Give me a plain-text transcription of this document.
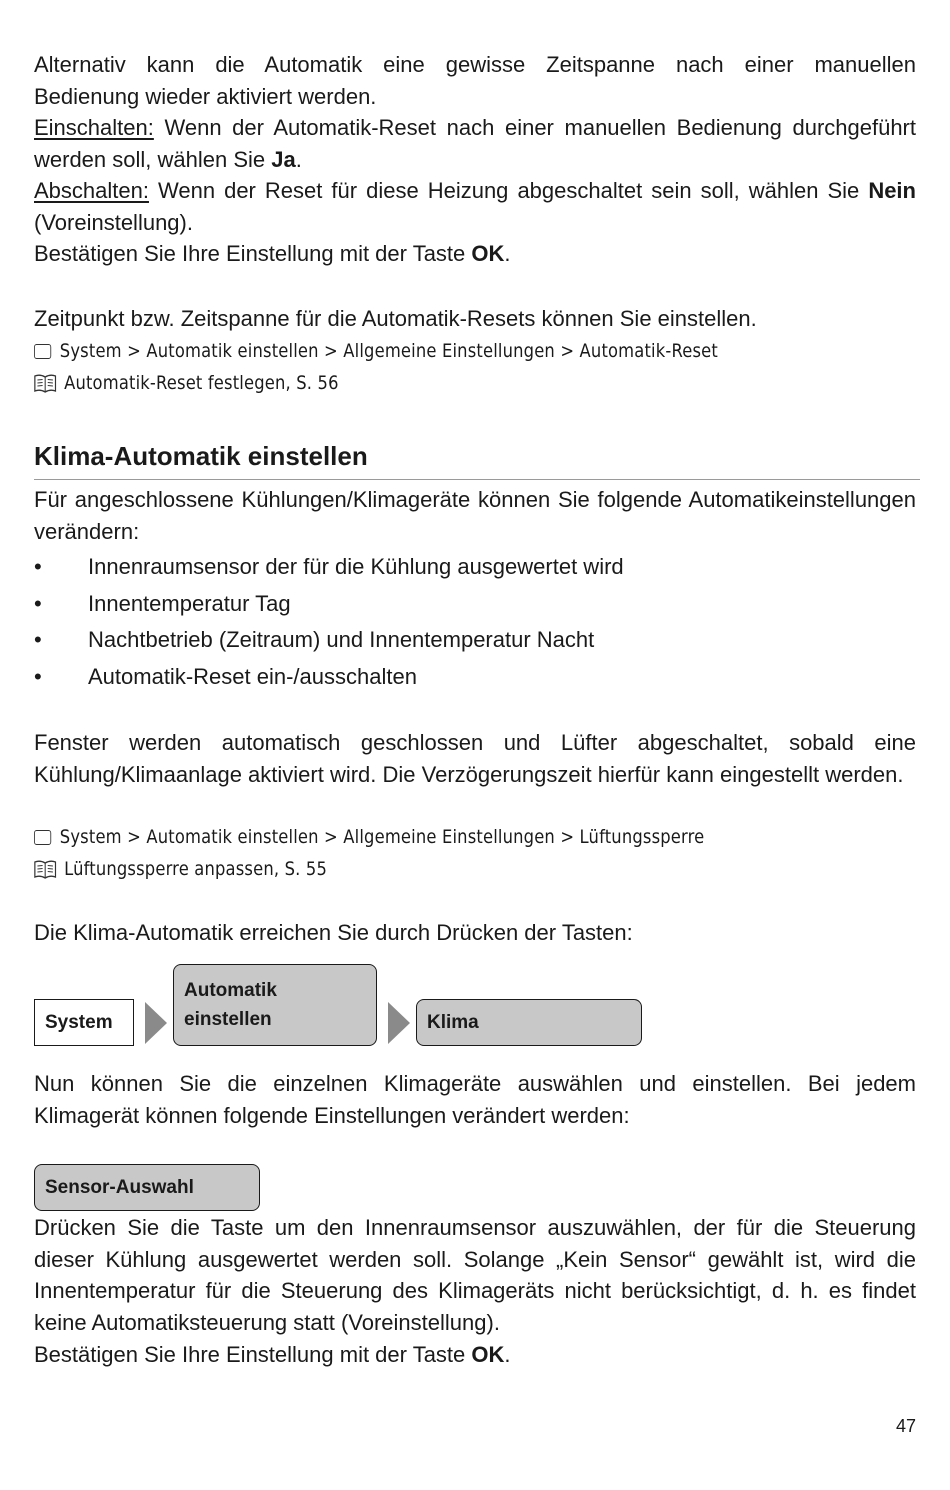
Alternativ kann die Automatik eine gewisse Zeitspanne nach einer manuellen

Bedienung wieder aktiviert werden.

Einschalten: Wenn der Automatik-Reset nach einer manuellen Bedienung durchgeführt werden soll, wählen Sie Ja.

Abschalten: Wenn der Reset für diese Heizung abgeschaltet sein soll, wählen Sie Nein (Voreinstellung).

Bestätigen Sie Ihre Einstellung mit der Taste OK.

Zeitpunkt bzw. Zeitspanne für die Automatik-Resets können Sie einstellen.

System > Automatik einstellen > Allgemeine Einstellungen > Automatik-Reset
Automatik-Reset festlegen, S. 56
Klima-Automatik einstellen

Für angeschlossene Kühlungen/Klimageräte können Sie folgende Automatikeinstellungen verändern:

•	Innenraumsensor der für die Kühlung ausgewertet wird
•	Innentemperatur Tag
•	Nachtbetrieb (Zeitraum) und Innentemperatur Nacht
•	Automatik-Reset ein-/ausschalten

Fenster werden automatisch geschlossen und Lüfter abgeschaltet, sobald eine Kühlung/Klimaanlage aktiviert wird. Die Verzögerungszeit hierfür kann eingestellt werden.

System > Automatik einstellen > Allgemeine Einstellungen > Lüftungssperre
Lüftungssperre anpassen, S. 55

Die Klima-Automatik erreichen Sie durch Drücken der Tasten:

System
Automatik
einstellen	Klima

Nun können Sie die einzelnen Klimageräte auswählen und einstellen. Bei jedem Klimagerät können folgende Einstellungen verändert werden:

Sensor-Auswahl

Drücken Sie die Taste um den Innenraumsensor auszuwählen, der für die Steuerung dieser Kühlung ausgewertet werden soll. Solange „Kein Sensor“ gewählt ist, wird die Innentemperatur für die Steuerung des Klimageräts nicht berücksichtigt, d. h. es findet keine Automatiksteuerung statt (Voreinstellung).

Bestätigen Sie Ihre Einstellung mit der Taste OK.

47
